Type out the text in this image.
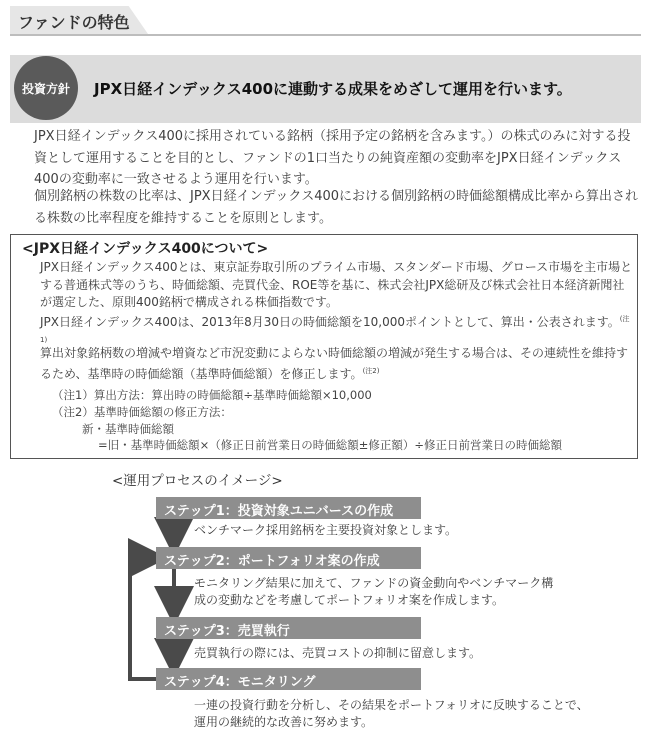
ファンドの特色
投資方針	JPX日経インデックス400に連動する成果をめざして運用を行います。
JPX日経インデックス400に採用されている銘柄（採用予定の銘柄を含みます。）の株式のみに対する投資として運用することを目的とし、ファンドの1口当たりの純資産額の変動率をJPX日経インデックス400の変動率に一致させるよう運用を行います。
個別銘柄の株数の比率は、JPX日経インデックス400における個別銘柄の時価総額構成比率から算出される株数の比率程度を維持することを原則とします。
<JPX日経インデックス400について>
JPX日経インデックス400とは、東京証券取引所のプライム市場、スタンダード市場、グロース市場を主市場とする普通株式等のうち、時価総額、売買代金、ROE等を基に、株式会社JPX総研及び株式会社日本経済新聞社が選定した、原則400銘柄で構成される株価指数です。
JPX日経インデックス400は、2013年8月30日の時価総額を10,000ポイントとして、算出・公表されます。$^{(注1)}$
算出対象銘柄数の増減や増資など市況変動によらない時価総額の増減が発生する場合は、その連続性を維持するため、基準時の時価総額（基準時価総額）を修正します。$^{(注2)}$
（注1）算出方法：算出時の時価総額÷基準時価総額×10,000
（注2）基準時価総額の修正方法：
新・基準時価総額
=旧・基準時価総額×（修正日前営業日の時価総額±修正額）÷修正日前営業日の時価総額
<運用プロセスのイメージ>
ステップ1：投資対象ユニバースの作成
ベンチマーク採用銘柄を主要投資対象とします。
ステップ2：ポートフォリオ案の作成
モニタリング結果に加えて、ファンドの資金動向やベンチマーク構成の変動などを考慮してポートフォリオ案を作成します。
ステップ3：売買執行
売買執行の際には、売買コストの抑制に留意します。
ステップ4：モニタリング
一連の投資行動を分析し、その結果をポートフォリオに反映することで、運用の継続的な改善に努めます。
